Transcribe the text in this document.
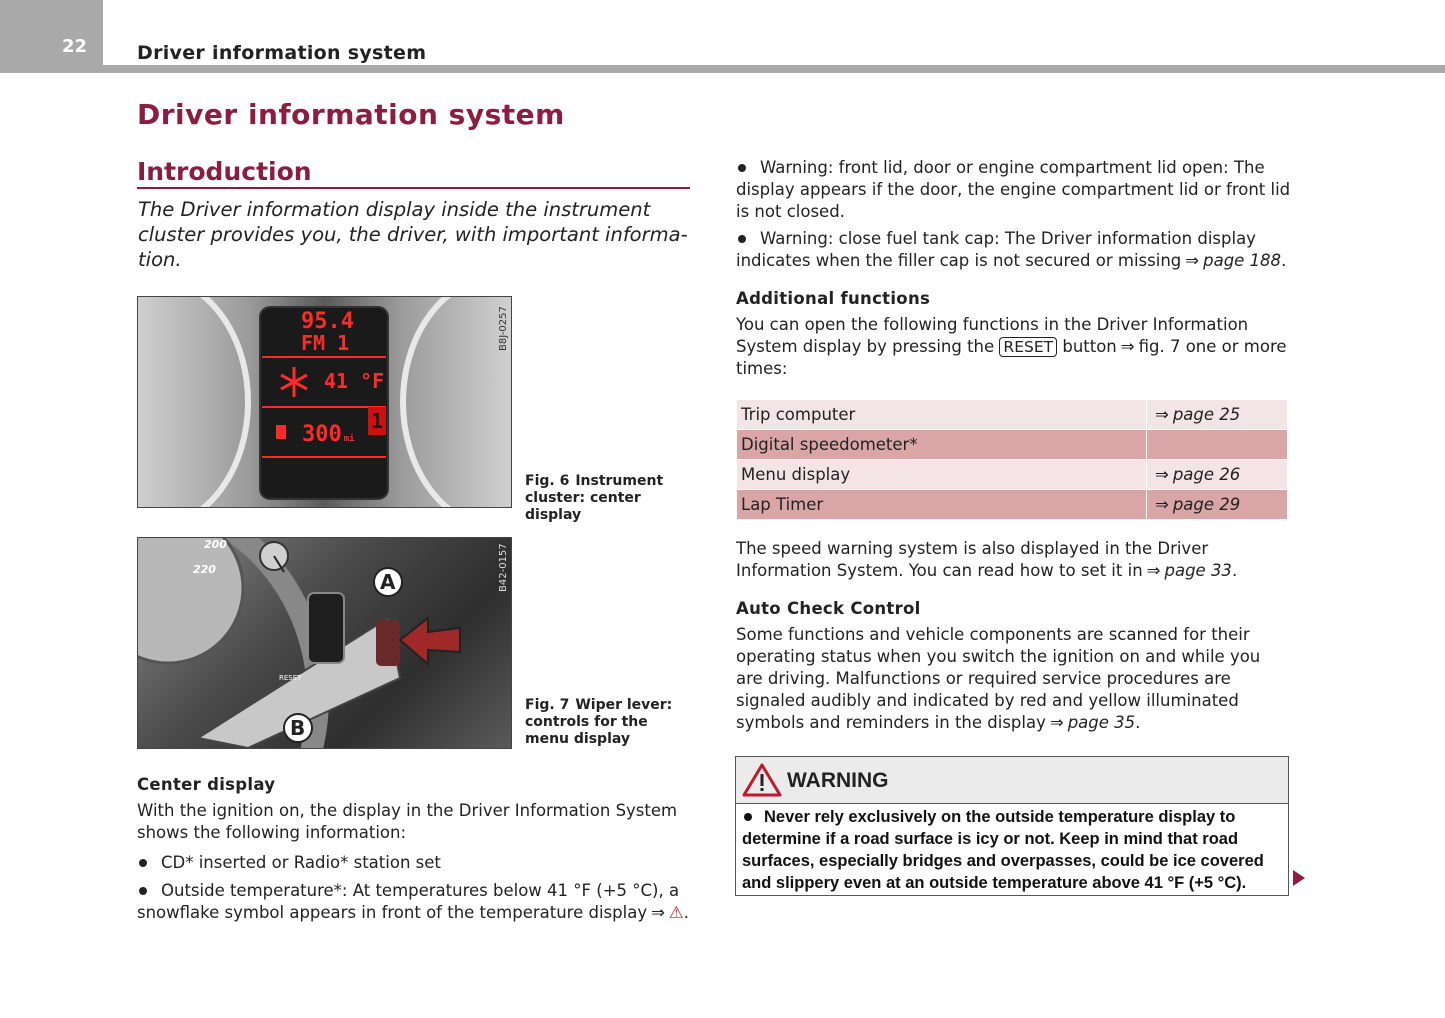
22	Driver information system
Driver information system
Introduction
The Driver information display inside the instrument cluster provides you, the driver, with important informa-
tion.
95.4
FM 1
41 °F
300 mi
1
B8J-0257
Fig. 6 Instrument cluster: center display
200
220
A
B
RESET
B42-0157
Fig. 7 Wiper lever: controls for the menu display
Center display
With the ignition on, the display in the Driver Information System shows the following information:
CD* inserted or Radio* station set
Outside temperature*: At temperatures below 41 °F (+5 °C), a snowflake symbol appears in front of the temperature display ⇒ ⚠.
Warning: front lid, door or engine compartment lid open: The display appears if the door, the engine compartment lid or front lid is not closed.
Warning: close fuel tank cap: The Driver information display indicates when the filler cap is not secured or missing ⇒ page 188.
Additional functions
You can open the following functions in the Driver Information System display by pressing the RESET button ⇒ fig. 7 one or more times:
Trip computer	⇒ page 25
Digital speedometer*	
Menu display	⇒ page 26
Lap Timer	⇒ page 29
The speed warning system is also displayed in the Driver Information System. You can read how to set it in ⇒ page 33.
Auto Check Control
Some functions and vehicle components are scanned for their operating status when you switch the ignition on and while you are driving. Malfunctions or required service procedures are signaled audibly and indicated by red and yellow illuminated symbols and reminders in the display ⇒ page 35.
WARNING
Never rely exclusively on the outside temperature display to determine if a road surface is icy or not. Keep in mind that road surfaces, especially bridges and overpasses, could be ice covered and slippery even at an outside temperature above 41 °F (+5 °C).
